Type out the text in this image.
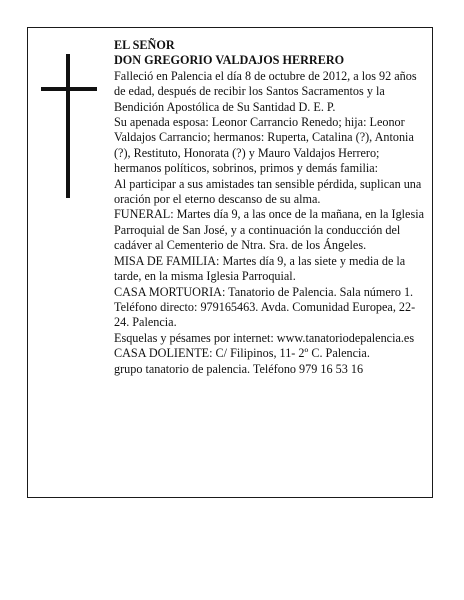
EL SEÑOR

DON GREGORIO VALDAJOS HERRERO

Falleció en Palencia el día 8 de octubre de 2012, a los 92 años de edad, después de recibir los Santos Sacramentos y la Bendición Apostólica de Su Santidad D. E. P.

Su apenada esposa: Leonor Carrancio Renedo; hija: Leonor Valdajos Carrancio; hermanos: Ruperta, Catalina (?), Antonia (?), Restituto, Honorata (?) y Mauro Valdajos Herrero; hermanos políticos, sobrinos, primos y demás familia:

Al participar a sus amistades tan sensible pérdida, suplican una oración por el eterno descanso de su alma.

FUNERAL: Martes día 9, a las once de la mañana, en la Iglesia Parroquial de San José, y a continuación la conducción del cadáver al Cementerio de Ntra. Sra. de los Ángeles.

MISA DE FAMILIA: Martes día 9, a las siete y media de la tarde, en la misma Iglesia Parroquial.

CASA MORTUORIA: Tanatorio de Palencia. Sala número 1. Teléfono directo: 979165463. Avda. Comunidad Europea, 22-24. Palencia.

Esquelas y pésames por internet: www.tanatoriodepalencia.es

CASA DOLIENTE: C/ Filipinos, 11- 2º C. Palencia.

grupo tanatorio de palencia. Teléfono 979 16 53 16
